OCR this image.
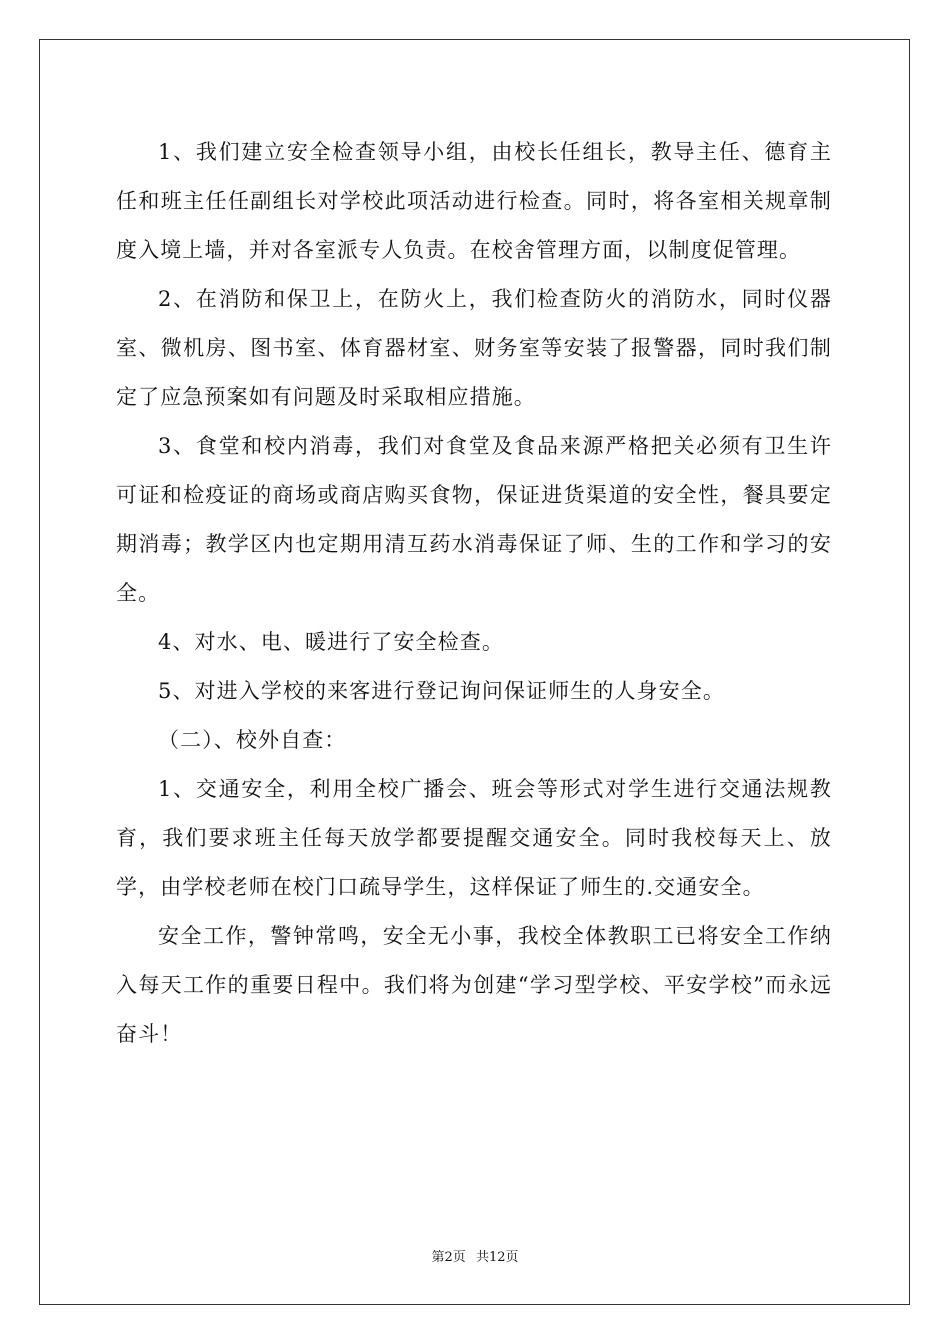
1、我们建立安全检查领导小组，由校长任组长，教导主任、德育主任和班主任任副组长对学校此项活动进行检查。同时，将各室相关规章制度入境上墙，并对各室派专人负责。在校舍管理方面，以制度促管理。

2、在消防和保卫上，在防火上，我们检查防火的消防水，同时仪器室、微机房、图书室、体育器材室、财务室等安装了报警器，同时我们制定了应急预案如有问题及时采取相应措施。

3、食堂和校内消毒，我们对食堂及食品来源严格把关必须有卫生许可证和检疫证的商场或商店购买食物，保证进货渠道的安全性，餐具要定期消毒；教学区内也定期用清互药水消毒保证了师、生的工作和学习的安全。

4、对水、电、暖进行了安全检查。

5、对进入学校的来客进行登记询问保证师生的人身安全。

（二）、校外自查：

1、交通安全，利用全校广播会、班会等形式对学生进行交通法规教育，我们要求班主任每天放学都要提醒交通安全。同时我校每天上、放学，由学校老师在校门口疏导学生，这样保证了师生的.交通安全。

安全工作，警钟常鸣，安全无小事，我校全体教职工已将安全工作纳入每天工作的重要日程中。我们将为创建“学习型学校、平安学校”而永远奋斗！

第2页 共12页
